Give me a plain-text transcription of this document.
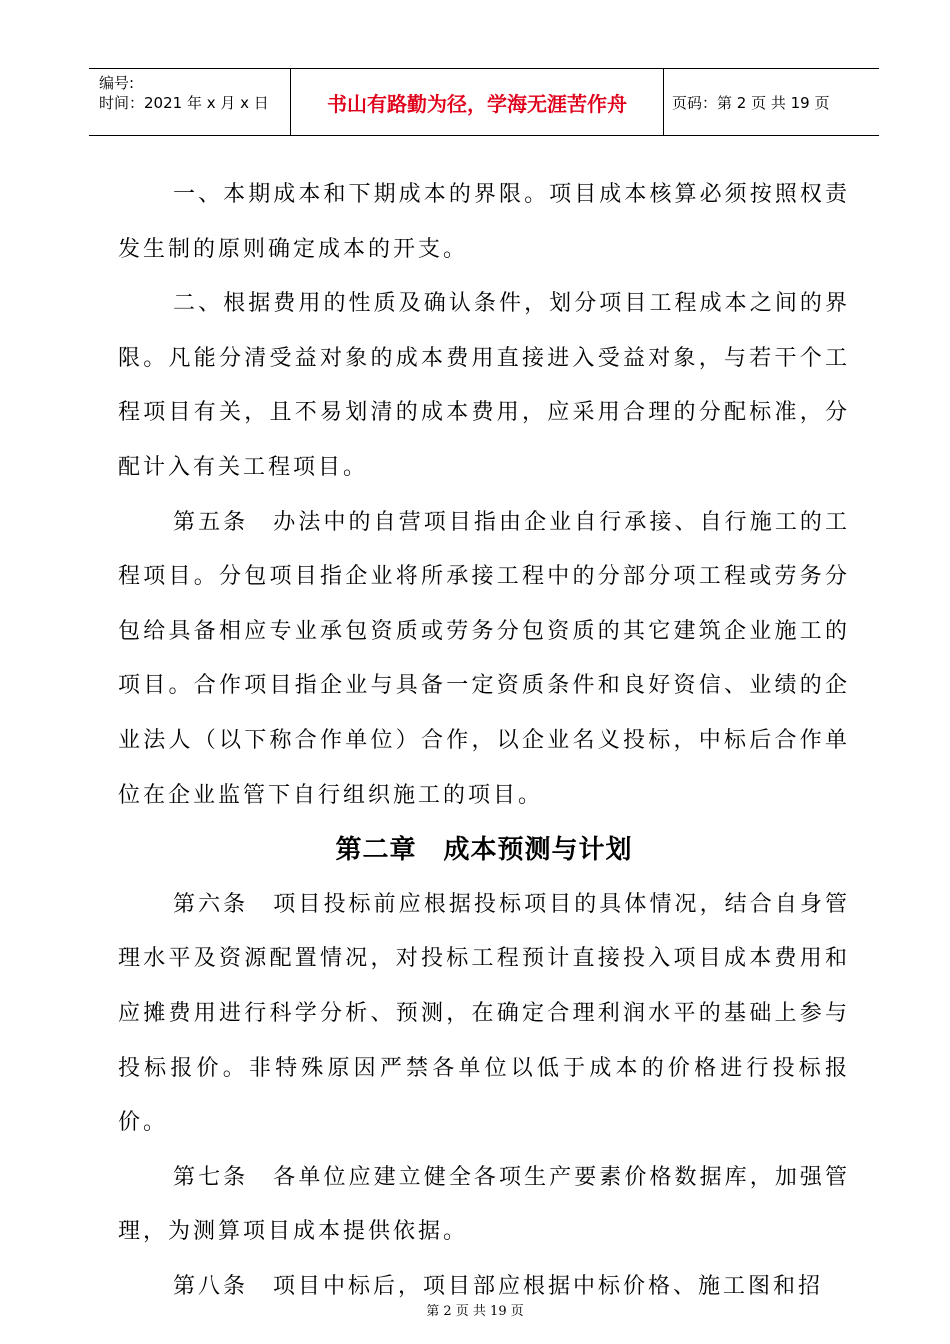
编号:
时间：2021 年 x 月 x 日	书山有路勤为径，学海无涯苦作舟	页码：第 2 页 共 19 页

一、本期成本和下期成本的界限。项目成本核算必须按照权责发生制的原则确定成本的开支。

二、根据费用的性质及确认条件，划分项目工程成本之间的界限。凡能分清受益对象的成本费用直接进入受益对象，与若干个工程项目有关，且不易划清的成本费用，应采用合理的分配标准，分配计入有关工程项目。

第五条　办法中的自营项目指由企业自行承接、自行施工的工程项目。分包项目指企业将所承接工程中的分部分项工程或劳务分包给具备相应专业承包资质或劳务分包资质的其它建筑企业施工的项目。合作项目指企业与具备一定资质条件和良好资信、业绩的企业法人（以下称合作单位）合作，以企业名义投标，中标后合作单位在企业监管下自行组织施工的项目。

第二章　成本预测与计划

第六条　项目投标前应根据投标项目的具体情况，结合自身管理水平及资源配置情况，对投标工程预计直接投入项目成本费用和应摊费用进行科学分析、预测，在确定合理利润水平的基础上参与投标报价。非特殊原因严禁各单位以低于成本的价格进行投标报价。

第七条　各单位应建立健全各项生产要素价格数据库，加强管理，为测算项目成本提供依据。

第八条　项目中标后，项目部应根据中标价格、施工图和招

第 2 页 共 19 页
